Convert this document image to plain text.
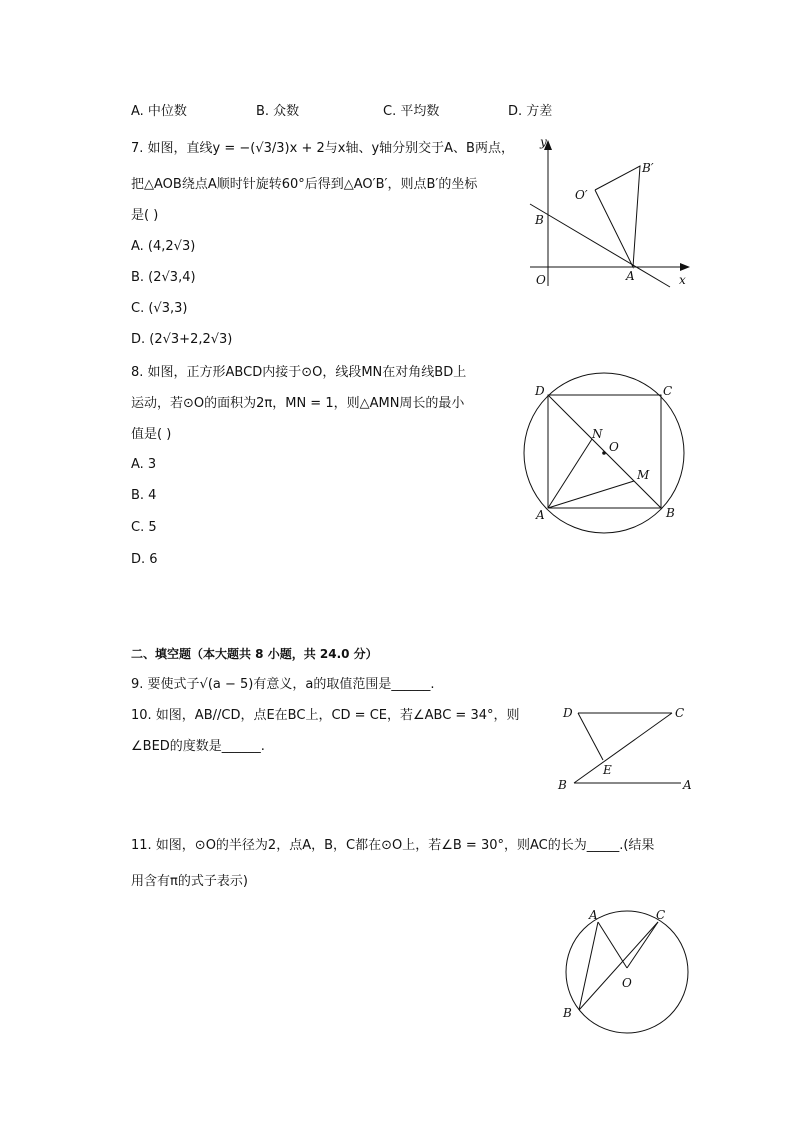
A. 中位数	B. 众数	C. 平均数	D. 方差
7. 如图，直线y = −(√3/3)x + 2与x轴、y轴分别交于A、B两点，
把△AOB绕点A顺时针旋转60°后得到△AO′B′，则点B′的坐标
是( )
A. (4,2√3)
B. (2√3,4)
C. (√3,3)
D. (2√3+2,2√3)
y
x
O	A
B
O′
B′
8. 如图，正方形ABCD内接于⊙O，线段MN在对角线BD上
运动，若⊙O的面积为2π，MN = 1，则△AMN周长的最小
值是( )
A. 3
B. 4
C. 5
D. 6
D	C
A	B
O
N
M
二、填空题（本大题共 8 小题，共 24.0 分）
9. 要使式子√(a − 5)有意义，a的取值范围是______.
10. 如图，AB//CD，点E在BC上，CD = CE，若∠ABC = 34°，则
∠BED的度数是______.
D	C
E
B	A
11. 如图，⊙O的半径为2，点A，B，C都在⊙O上，若∠B = 30°，则AC的长为_____.(结果
用含有π的式子表示)
A	C
B
O
